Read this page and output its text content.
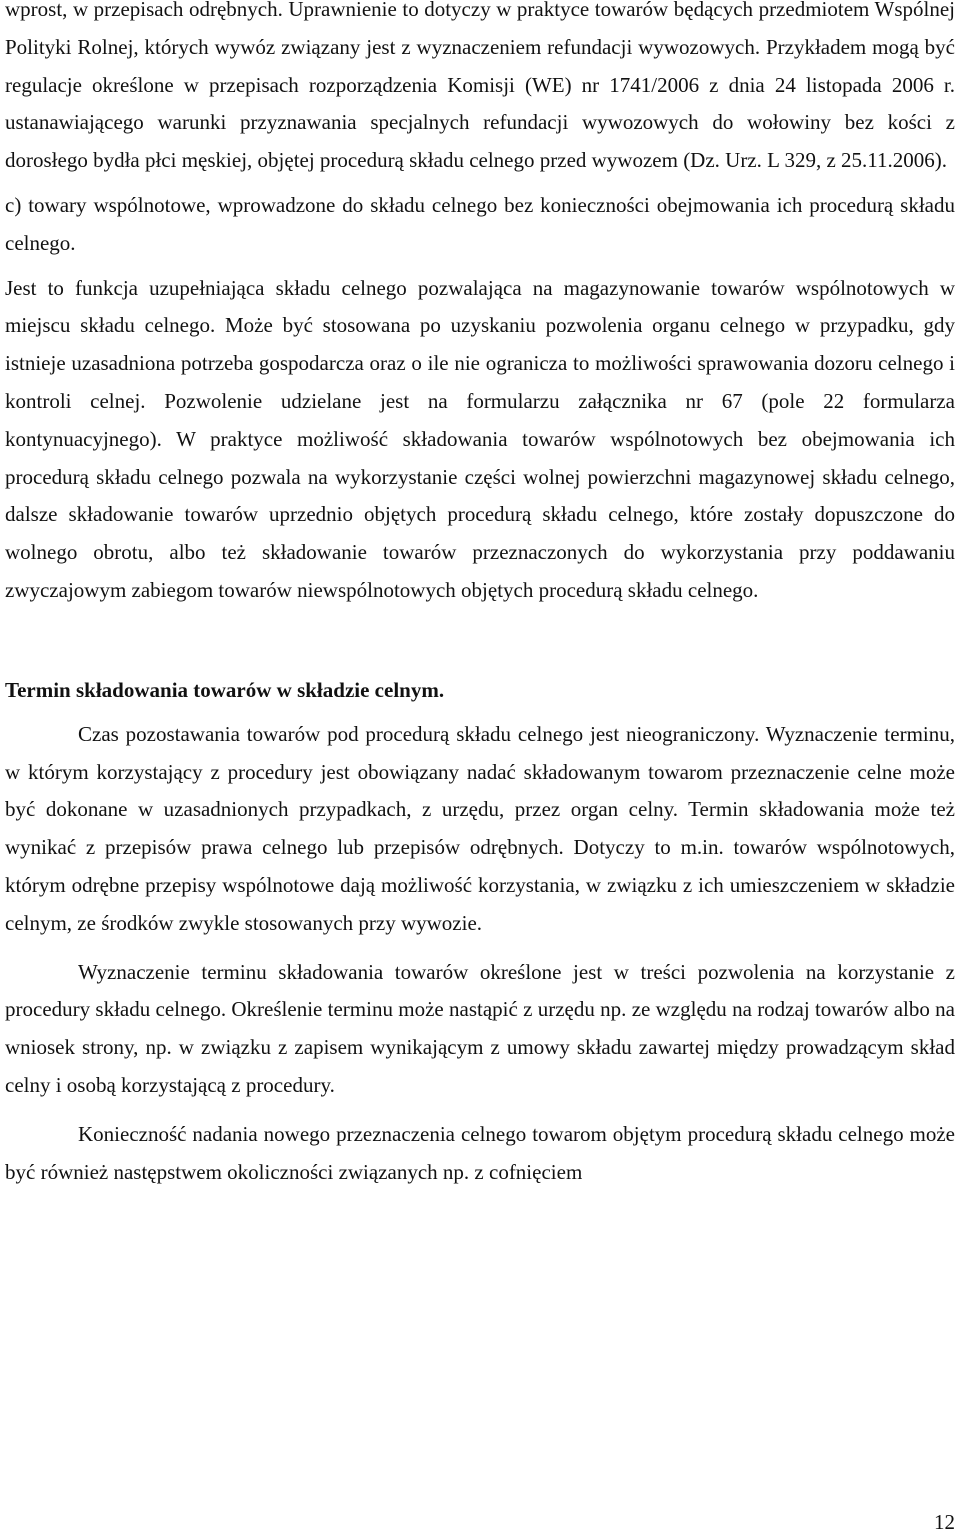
wprost, w przepisach odrębnych. Uprawnienie to dotyczy w praktyce towarów będących przedmiotem Wspólnej Polityki Rolnej, których wywóz związany jest z wyznaczeniem refundacji wywozowych. Przykładem mogą być regulacje określone w przepisach rozporządzenia Komisji (WE) nr 1741/2006 z dnia 24 listopada 2006 r. ustanawiającego warunki przyznawania specjalnych refundacji wywozowych do wołowiny bez kości z dorosłego bydła płci męskiej, objętej procedurą składu celnego przed wywozem (Dz. Urz. L 329, z 25.11.2006).

c) towary wspólnotowe, wprowadzone do składu celnego bez konieczności obejmowania ich procedurą składu celnego.

Jest to funkcja uzupełniająca składu celnego pozwalająca na magazynowanie towarów wspólnotowych w miejscu składu celnego. Może być stosowana po uzyskaniu pozwolenia organu celnego w przypadku, gdy istnieje uzasadniona potrzeba gospodarcza oraz o ile nie ogranicza to możliwości sprawowania dozoru celnego i kontroli celnej. Pozwolenie udzielane jest na formularzu załącznika nr 67 (pole 22 formularza kontynuacyjnego). W praktyce możliwość składowania towarów wspólnotowych bez obejmowania ich procedurą składu celnego pozwala na wykorzystanie części wolnej powierzchni magazynowej składu celnego, dalsze składowanie towarów uprzednio objętych procedurą składu celnego, które zostały dopuszczone do wolnego obrotu, albo też składowanie towarów przeznaczonych do wykorzystania przy poddawaniu zwyczajowym zabiegom towarów niewspólnotowych objętych procedurą składu celnego.

Termin składowania towarów w składzie celnym.

Czas pozostawania towarów pod procedurą składu celnego jest nieograniczony. Wyznaczenie terminu, w którym korzystający z procedury jest obowiązany nadać składowanym towarom przeznaczenie celne może być dokonane w uzasadnionych przypadkach, z urzędu, przez organ celny. Termin składowania może też wynikać z przepisów prawa celnego lub przepisów odrębnych. Dotyczy to m.in. towarów wspólnotowych, którym odrębne przepisy wspólnotowe dają możliwość korzystania, w związku z ich umieszczeniem w składzie celnym, ze środków zwykle stosowanych przy wywozie.

Wyznaczenie terminu składowania towarów określone jest w treści pozwolenia na korzystanie z procedury składu celnego. Określenie terminu może nastąpić z urzędu np. ze względu na rodzaj towarów albo na wniosek strony, np. w związku z zapisem wynikającym z umowy składu zawartej między prowadzącym skład celny i osobą korzystającą z procedury.

Konieczność nadania nowego przeznaczenia celnego towarom objętym procedurą składu celnego może być również następstwem okoliczności związanych np. z cofnięciem

12
